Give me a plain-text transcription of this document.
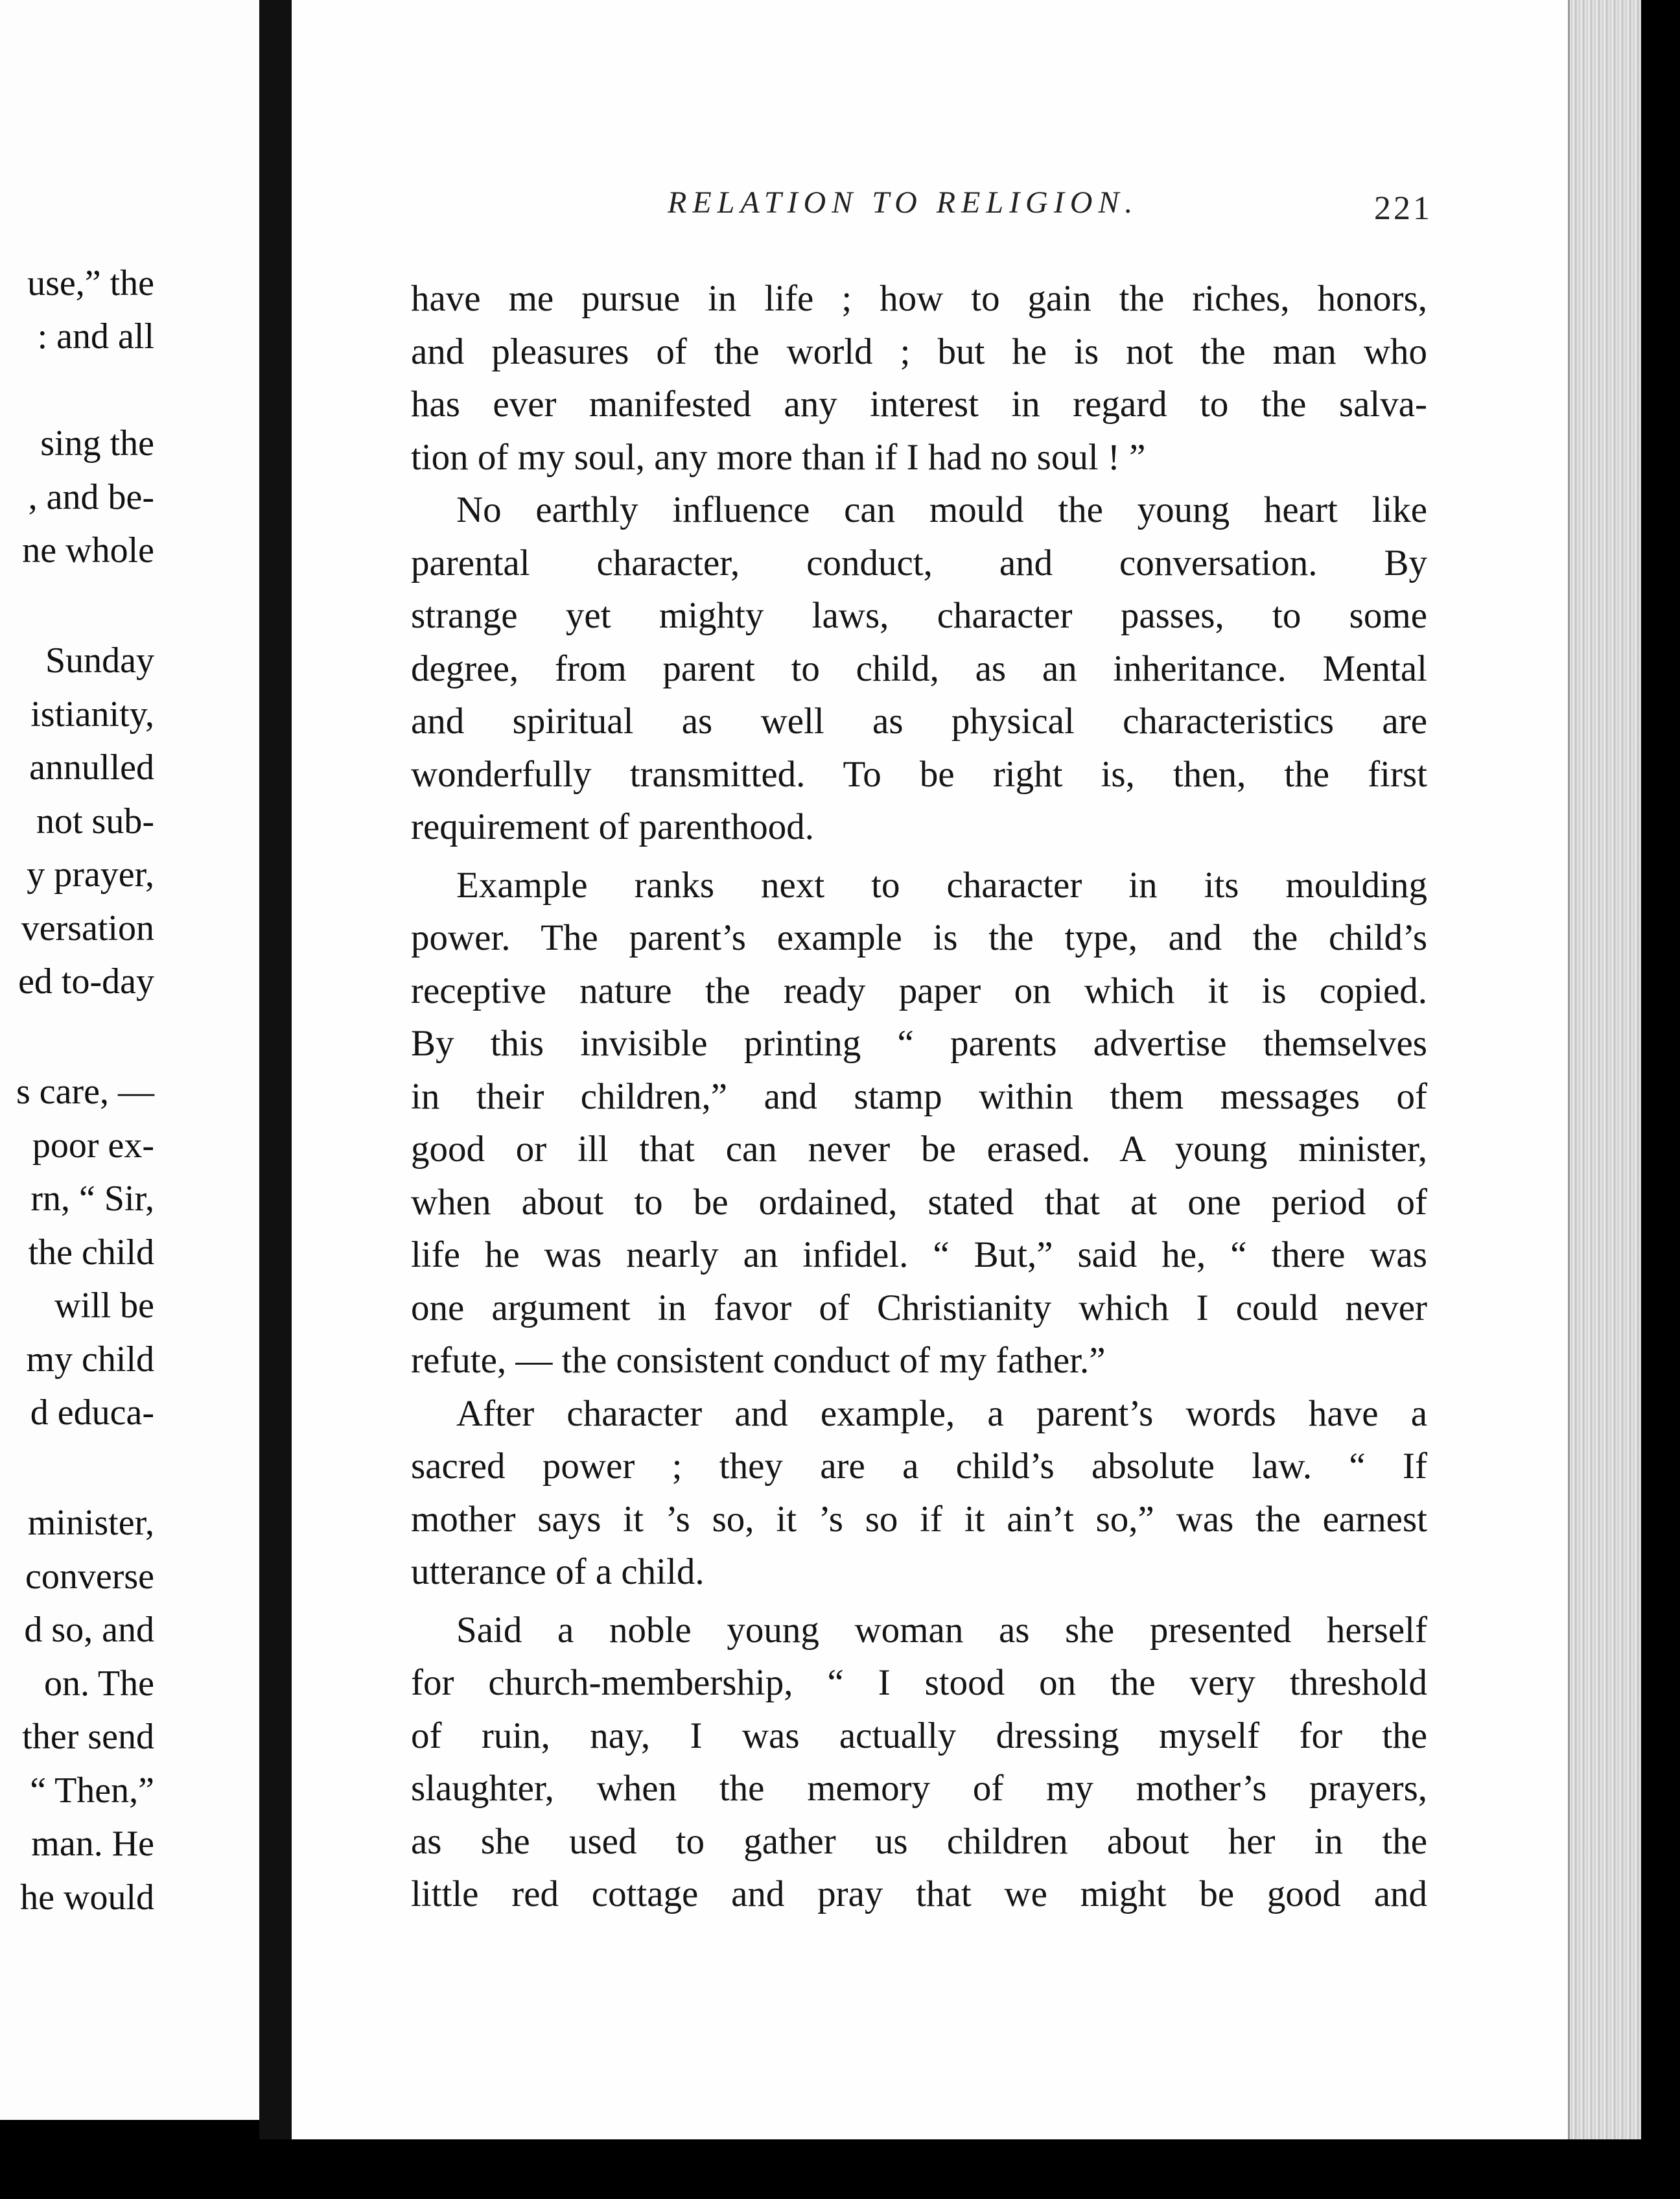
use,” the
: and all
sing the
, and be-
ne whole
Sunday
istianity,
annulled
not sub-
y prayer,
versation
ed to-day
s care, —
poor ex-
rn, “ Sir,
the child
will be
my child
d educa-
minister,
converse
d so, and
on. The
ther send
“ Then,”
man. He
he would
RELATION TO RELIGION.	221
have me pursue in life ; how to gain the riches, honors,
and pleasures of the world ; but he is not the man who
has ever manifested any interest in regard to the salva-
tion of my soul, any more than if I had no soul ! ”
No earthly influence can mould the young heart like
parental character, conduct, and conversation. By
strange yet mighty laws, character passes, to some
degree, from parent to child, as an inheritance. Mental
and spiritual as well as physical characteristics are
wonderfully transmitted. To be right is, then, the first
requirement of parenthood.
Example ranks next to character in its moulding
power. The parent’s example is the type, and the child’s
receptive nature the ready paper on which it is copied.
By this invisible printing “ parents advertise themselves
in their children,” and stamp within them messages of
good or ill that can never be erased. A young minister,
when about to be ordained, stated that at one period of
life he was nearly an infidel. “ But,” said he, “ there was
one argument in favor of Christianity which I could never
refute, — the consistent conduct of my father.”
After character and example, a parent’s words have a
sacred power ; they are a child’s absolute law. “ If
mother says it ’s so, it ’s so if it ain’t so,” was the earnest
utterance of a child.
Said a noble young woman as she presented herself
for church-membership, “ I stood on the very threshold
of ruin, nay, I was actually dressing myself for the
slaughter, when the memory of my mother’s prayers,
as she used to gather us children about her in the
little red cottage and pray that we might be good and
